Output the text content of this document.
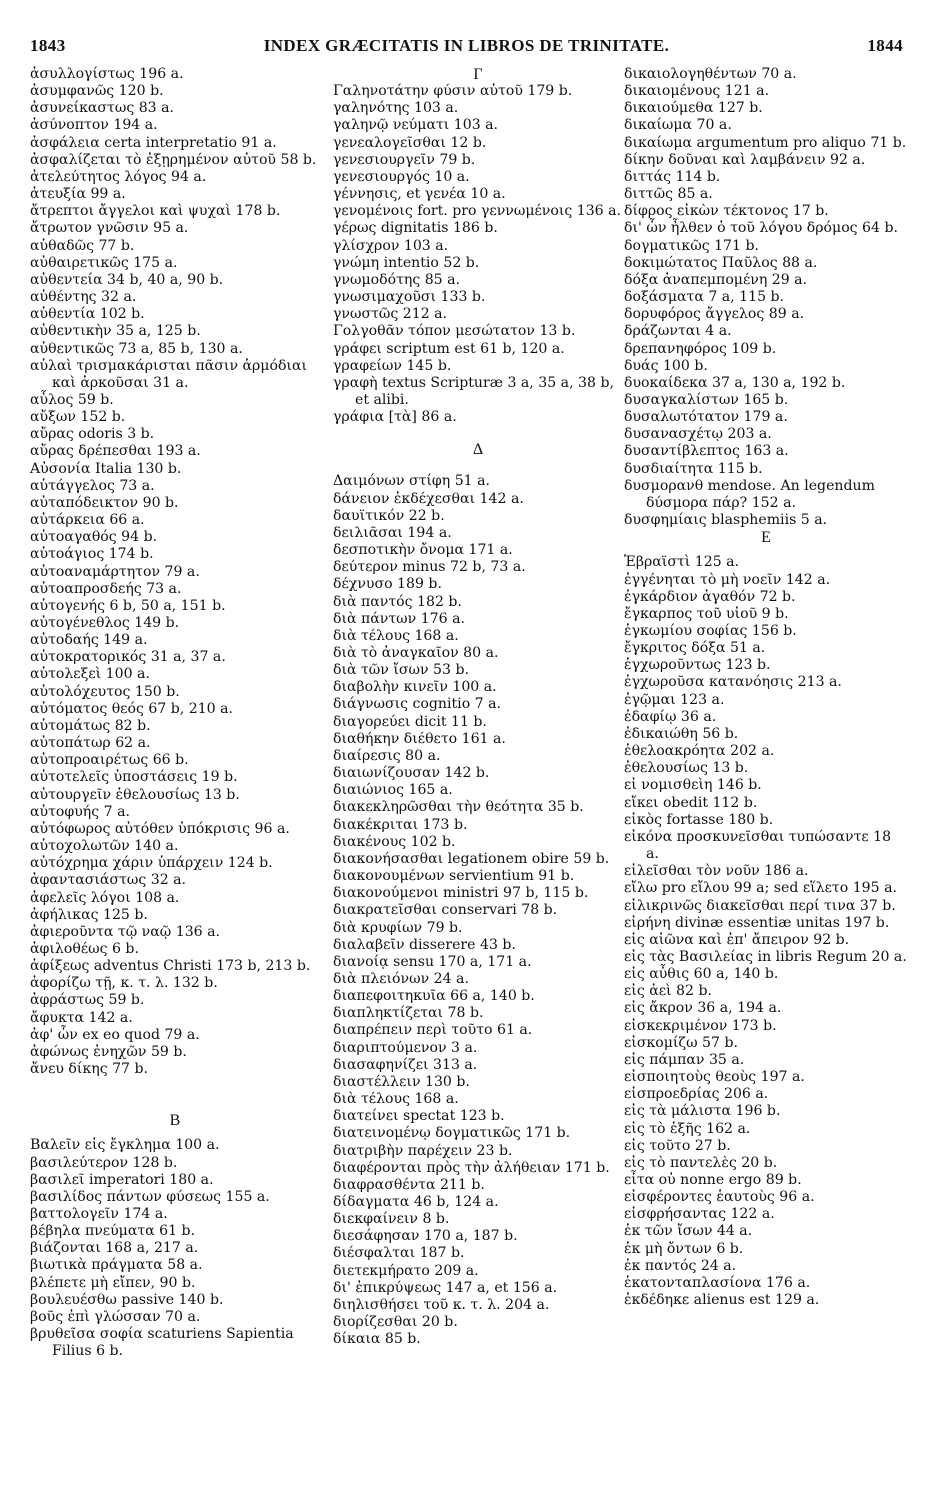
1843	INDEX GRÆCITATIS IN LIBROS DE TRINITATE.	1844
ἀσυλλογίστως 196 a.
ἀσυμφανῶς 120 b.
ἀσυνείκαστως 83 a.
ἀσύνοπτον 194 a.
ἀσφάλεια certa interpretatio 91 a.
ἀσφαλίζεται τὸ ἐξῃρημένον αὐτοῦ 58 b.
ἀτελεύτητος λόγος 94 a.
ἀτευξία 99 a.
ἄτρεπτοι ἄγγελοι καὶ ψυχαὶ 178 b.
ἄτρωτον γνῶσιν 95 a.
αὐθαδῶς 77 b.
αὐθαιρετικῶς 175 a.
αὐθεντεία 34 b, 40 a, 90 b.
αὐθέντης 32 a.
αὐθεντία 102 b.
αὐθεντικὴν 35 a, 125 b.
αὐθεντικῶς 73 a, 85 b, 130 a.
αὐλαὶ τρισμακάρισται πᾶσιν ἁρμόδιαι καὶ ἀρκοῦσαι 31 a.
αὖλος 59 b.
αὔξων 152 b.
αὔρας odoris 3 b.
αὔρας δρέπεσθαι 193 a.
Αὐσονία Italia 130 b.
αὐτάγγελος 73 a.
αὐταπόδεικτον 90 b.
αὐτάρκεια 66 a.
αὐτοαγαθός 94 b.
αὐτοάγιος 174 b.
αὐτοαναμάρτητον 79 a.
αὐτοαπροσδεής 73 a.
αὐτογενής 6 b, 50 a, 151 b.
αὐτογένεθλος 149 b.
αὐτοδαής 149 a.
αὐτοκρατορικός 31 a, 37 a.
αὐτολεξεὶ 100 a.
αὐτολόχευτος 150 b.
αὐτόματος θεός 67 b, 210 a.
αὐτομάτως 82 b.
αὐτοπάτωρ 62 a.
αὐτοπροαιρέτως 66 b.
αὐτοτελεῖς ὑποστάσεις 19 b.
αὐτουργεῖν ἐθελουσίως 13 b.
αὐτοφυής 7 a.
αὐτόφωρος αὐτόθεν ὑπόκρισις 96 a.
αὐτοχολωτῶν 140 a.
αὐτόχρημα χάριν ὑπάρχειν 124 b.
ἀφαντασιάστως 32 a.
ἀφελεῖς λόγοι 108 a.
ἀφήλικας 125 b.
ἀφιεροῦντα τῷ ναῷ 136 a.
ἀφιλοθέως 6 b.
ἀφίξεως adventus Christi 173 b, 213 b.
ἀφορίζω τῇ, κ. τ. λ. 132 b.
ἀφράστως 59 b.
ἄφυκτα 142 a.
ἀφ' ὧν ex eo quod 79 a.
ἀφώνως ἐνηχῶν 59 b.
ἄνευ δίκης 77 b.
B
Βαλεῖν εἰς ἔγκλημα 100 a.
βασιλεύτερον 128 b.
βασιλεῖ imperatori 180 a.
βασιλίδος πάντων φύσεως 155 a.
βαττολογεῖν 174 a.
βέβηλα πνεύματα 61 b.
βιάζονται 168 a, 217 a.
βιωτικὰ πράγματα 58 a.
βλέπετε μὴ εἴπεν, 90 b.
βουλευέσθω passive 140 b.
βοῦς ἐπὶ γλώσσαν 70 a.
βρυθεῖσα σοφία scaturiens Sapientia Filius 6 b.
Γ
Γαληνοτάτην φύσιν αὐτοῦ 179 b.
γαληνότης 103 a.
γαληνῷ νεύματι 103 a.
γενεαλογεῖσθαι 12 b.
γενεσιουργεῖν 79 b.
γενεσιουργός 10 a.
γέννησις, et γενέα 10 a.
γενομένοις fort. pro γεννωμένοις 136 a.
γέρως dignitatis 186 b.
γλίσχρον 103 a.
γνώμη intentio 52 b.
γνωμοδότης 85 a.
γνωσιμαχοῦσι 133 b.
γνωστῶς 212 a.
Γολγοθᾶν τόπον μεσώτατον 13 b.
γράφει scriptum est 61 b, 120 a.
γραφείων 145 b.
γραφὴ textus Scripturæ 3 a, 35 a, 38 b, et alibi.
γράφια [τὰ] 86 a.
Δ
Δαιμόνων στίφη 51 a.
δάνειον ἐκδέχεσθαι 142 a.
δαυϊτικόν 22 b.
δειλιᾶσαι 194 a.
δεσποτικὴν ὄνομα 171 a.
δεύτερον minus 72 b, 73 a.
δέχνυσο 189 b.
διὰ παντός 182 b.
διὰ πάντων 176 a.
διὰ τέλους 168 a.
διὰ τὸ ἀναγκαῖον 80 a.
διὰ τῶν ἴσων 53 b.
διαβολὴν κινεῖν 100 a.
διάγνωσις cognitio 7 a.
διαγορεύει dicit 11 b.
διαθήκην διέθετο 161 a.
διαίρεσις 80 a.
διαιωνίζουσαν 142 b.
διαιώνιος 165 a.
διακεκληρῶσθαι τὴν θεότητα 35 b.
διακέκριται 173 b.
διακένους 102 b.
διακονήσασθαι legationem obire 59 b.
διακονουμένων servientium 91 b.
διακονούμενοι ministri 97 b, 115 b.
διακρατεῖσθαι conservari 78 b.
διὰ κρυφίων 79 b.
διαλαβεῖν disserere 43 b.
διανοίᾳ sensu 170 a, 171 a.
διὰ πλειόνων 24 a.
διαπεφοιτηκυῖα 66 a, 140 b.
διαπληκτίζεται 78 b.
διαπρέπειν περὶ τοῦτο 61 a.
διαριπτούμενον 3 a.
διασαφηνίζει 313 a.
διαστέλλειν 130 b.
διὰ τέλους 168 a.
διατείνει spectat 123 b.
διατεινομένῳ δογματικῶς 171 b.
διατριβὴν παρέχειν 23 b.
διαφέρονται πρὸς τὴν ἀλήθειαν 171 b.
διαφρασθέντα 211 b.
δίδαγματα 46 b, 124 a.
διεκφαίνειν 8 b.
διεσάφησαν 170 a, 187 b.
διέσφαλται 187 b.
διετεκμήρατο 209 a.
δι' ἐπικρύψεως 147 a, et 156 a.
διηλισθήσει τοῦ κ. τ. λ. 204 a.
διορίζεσθαι 20 b.
δίκαια 85 b.
δικαιολογηθέντων 70 a.
δικαιομένους 121 a.
δικαιούμεθα 127 b.
δικαίωμα 70 a.
δικαίωμα argumentum pro aliquo 71 b.
δίκην δοῦναι καὶ λαμβάνειν 92 a.
διττάς 114 b.
διττῶς 85 a.
δίφρος εἰκὼν τέκτονος 17 b.
δι' ὧν ἦλθεν ὁ τοῦ λόγου δρόμος 64 b.
δογματικῶς 171 b.
δοκιμώτατος Παῦλος 88 a.
δόξα ἀναπεμπομένη 29 a.
δοξάσματα 7 a, 115 b.
δορυφόρος ἄγγελος 89 a.
δράζωνται 4 a.
δρεπανηφόρος 109 b.
δυάς 100 b.
δυοκαίδεκα 37 a, 130 a, 192 b.
δυσαγκαλίστων 165 b.
δυσαλωτότατον 179 a.
δυσανασχέτῳ 203 a.
δυσαντίβλεπτος 163 a.
δυσδιαίτητα 115 b.
δυσμορανθ mendose. An legendum δύσμορα πάρ? 152 a.
δυσφημίαις blasphemiis 5 a.
E
Ἑβραϊστὶ 125 a.
ἐγγένηται τὸ μὴ νοεῖν 142 a.
ἐγκάρδιον ἀγαθόν 72 b.
ἔγκαρπος τοῦ υἱοῦ 9 b.
ἐγκωμίου σοφίας 156 b.
ἔγκριτος δόξα 51 a.
ἐγχωροῦντως 123 b.
ἐγχωροῦσα κατανόησις 213 a.
ἐγῷμαι 123 a.
ἐδαφίῳ 36 a.
ἐδικαιώθη 56 b.
ἐθελοακρόητα 202 a.
ἐθελουσίως 13 b.
εἰ νομισθεὶη 146 b.
εἴκει obedit 112 b.
εἰκὸς fortasse 180 b.
εἰκόνα προσκυνεῖσθαι τυπώσαντε 18 a.
εἰλεῖσθαι τὸν νοῦν 186 a.
εἴλω pro εἴλου 99 a; sed εἵλετο 195 a.
εἰλικρινῶς διακεῖσθαι περί τινα 37 b.
εἰρήνη divinæ essentiæ unitas 197 b.
εἰς αἰῶνα καὶ ἐπ' ἄπειρον 92 b.
εἰς τὰς Βασιλείας in libris Regum 20 a.
εἰς αὖθις 60 a, 140 b.
εἰς ἀεὶ 82 b.
εἰς ἄκρον 36 a, 194 a.
εἰσκεκριμένον 173 b.
εἰσκομίζω 57 b.
εἰς πάμπαν 35 a.
εἰσποιητοὺς θεοὺς 197 a.
εἰσπροεδρίας 206 a.
εἰς τὰ μάλιστα 196 b.
εἰς τὸ ἑξῆς 162 a.
εἰς τοῦτο 27 b.
εἰς τὸ παντελὲς 20 b.
εἶτα οὐ nonne ergo 89 b.
εἰσφέροντες ἑαυτοὺς 96 a.
εἰσφρήσαντας 122 a.
ἐκ τῶν ἴσων 44 a.
ἐκ μὴ ὄντων 6 b.
ἐκ παντός 24 a.
ἑκατονταπλασίονα 176 a.
ἐκδέδηκε alienus est 129 a.
